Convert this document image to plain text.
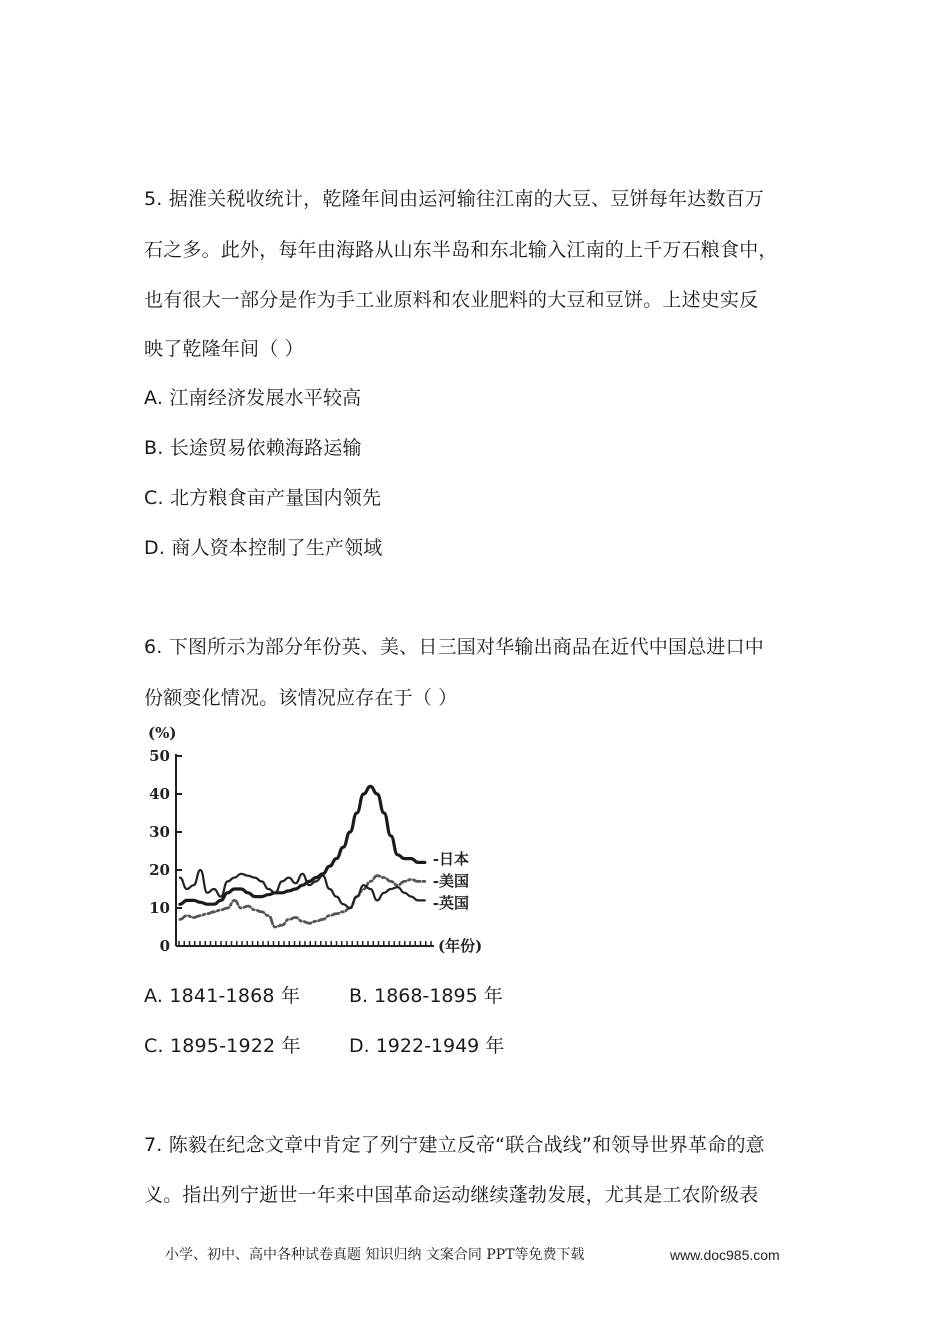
5. 据淮关税收统计，乾隆年间由运河输往江南的大豆、豆饼每年达数百万
石之多。此外，每年由海路从山东半岛和东北输入江南的上千万石粮食中，
也有很大一部分是作为手工业原料和农业肥料的大豆和豆饼。上述史实反
映了乾隆年间（ ）
A. 江南经济发展水平较高
B. 长途贸易依赖海路运输
C. 北方粮食亩产量国内领先
D. 商人资本控制了生产领域
6. 下图所示为部分年份英、美、日三国对华输出商品在近代中国总进口中
份额变化情况。该情况应存在于（ ）
(%)
0
10
20
30
40
50
-日本
-美国
-英国
(年份)
A. 1841-1868 年	B. 1868-1895 年
C. 1895-1922 年	D. 1922-1949 年
7. 陈毅在纪念文章中肯定了列宁建立反帝“联合战线”和领导世界革命的意
义。指出列宁逝世一年来中国革命运动继续蓬勃发展，尤其是工农阶级表
小学、初中、高中各种试卷真题 知识归纳 文案合同 PPT等免费下载	www.doc985.com
